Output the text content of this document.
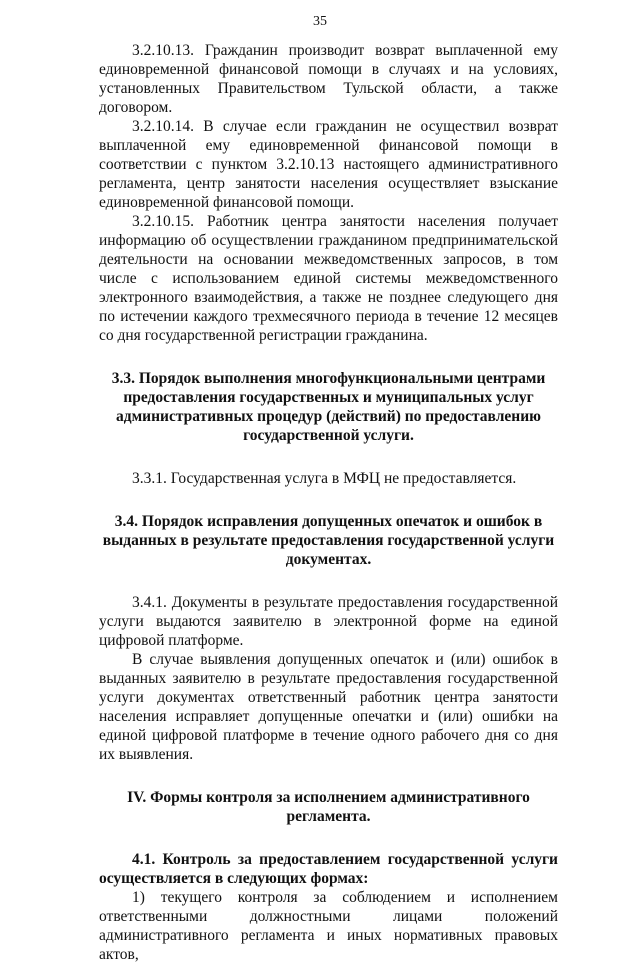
35

3.2.10.13. Гражданин производит возврат выплаченной ему единовременной финансовой помощи в случаях и на условиях, установленных Правительством Тульской области, а также договором.

3.2.10.14. В случае если гражданин не осуществил возврат выплаченной ему единовременной финансовой помощи в соответствии с пунктом 3.2.10.13 настоящего административного регламента, центр занятости населения осуществляет взыскание единовременной финансовой помощи.

3.2.10.15. Работник центра занятости населения получает информацию об осуществлении гражданином предпринимательской деятельности на основании межведомственных запросов, в том числе с использованием единой системы межведомственного электронного взаимодействия, а также не позднее следующего дня по истечении каждого трехмесячного периода в течение 12 месяцев со дня государственной регистрации гражданина.

3.3. Порядок выполнения многофункциональными центрами предоставления государственных и муниципальных услуг административных процедур (действий) по предоставлению государственной услуги.

3.3.1. Государственная услуга в МФЦ не предоставляется.

3.4. Порядок исправления допущенных опечаток и ошибок в выданных в результате предоставления государственной услуги документах.

3.4.1. Документы в результате предоставления государственной услуги выдаются заявителю в электронной форме на единой цифровой платформе.

В случае выявления допущенных опечаток и (или) ошибок в выданных заявителю в результате предоставления государственной услуги документах ответственный работник центра занятости населения исправляет допущенные опечатки и (или) ошибки на единой цифровой платформе в течение одного рабочего дня со дня их выявления.

IV. Формы контроля за исполнением административного регламента.
4.1. Контроль за предоставлением государственной услуги осуществляется в следующих формах:

1) текущего контроля за соблюдением и исполнением ответственными должностными лицами положений административного регламента и иных нормативных правовых актов,
